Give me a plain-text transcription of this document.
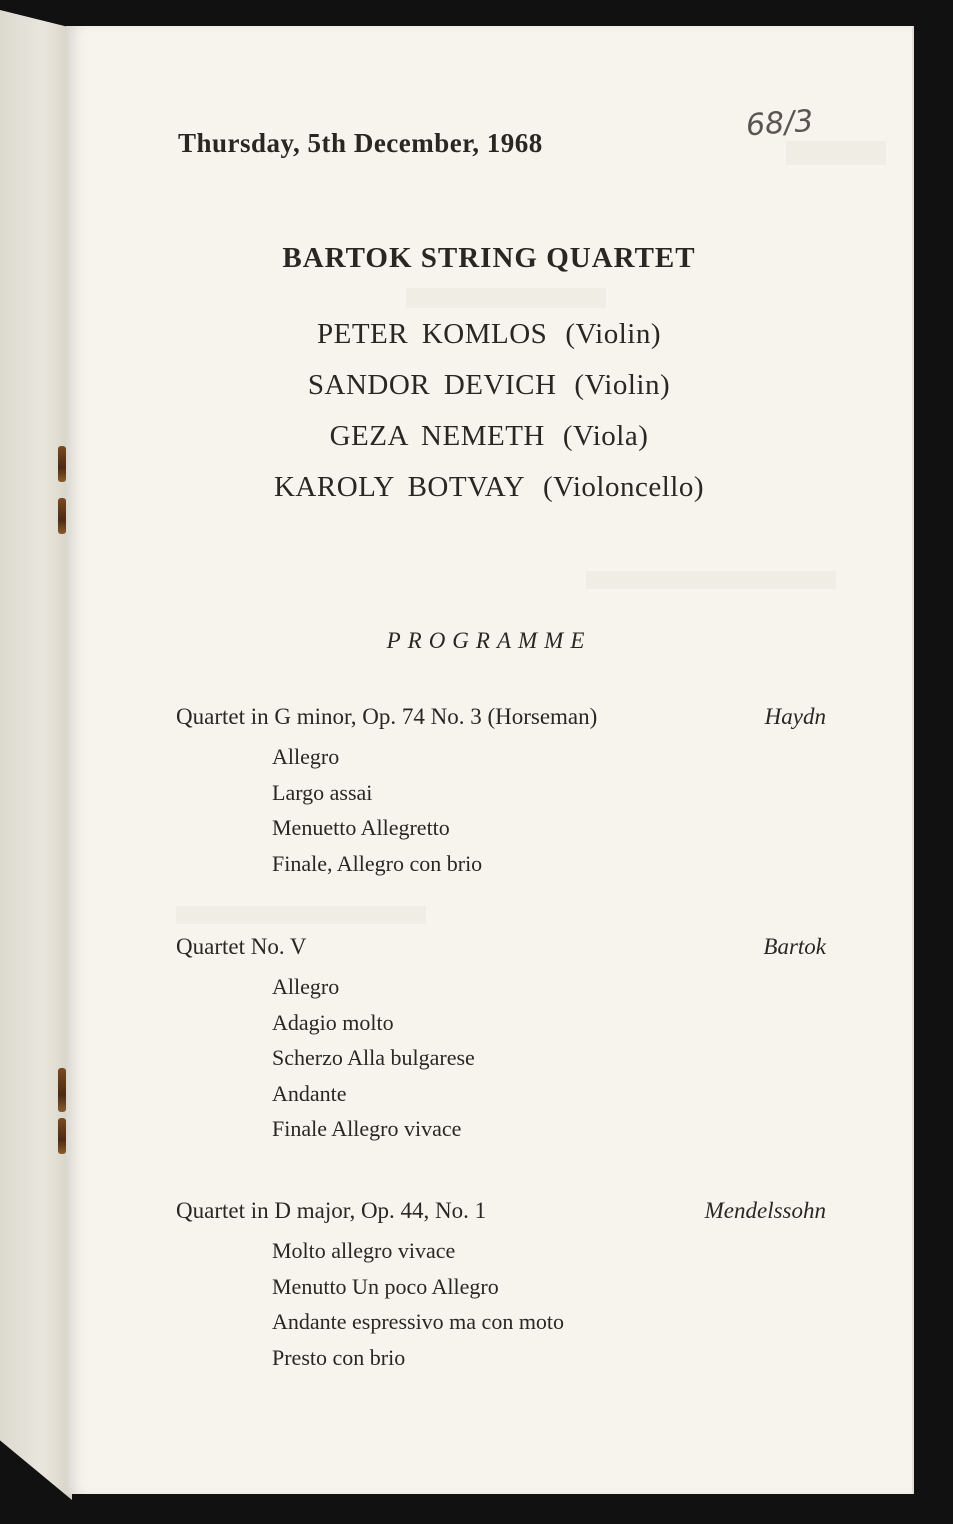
Thursday, 5th December, 1968	68/3
BARTOK STRING QUARTET
PETER KOMLOS (Violin)
SANDOR DEVICH (Violin)
GEZA NEMETH (Viola)
KAROLY BOTVAY (Violoncello)
PROGRAMME
Quartet in G minor, Op. 74 No. 3 (Horseman)	Haydn
Allegro
Largo assai
Menuetto Allegretto
Finale, Allegro con brio
Quartet No. V	Bartok
Allegro
Adagio molto
Scherzo Alla bulgarese
Andante
Finale Allegro vivace
Quartet in D major, Op. 44, No. 1	Mendelssohn
Molto allegro vivace
Menutto Un poco Allegro
Andante espressivo ma con moto
Presto con brio
